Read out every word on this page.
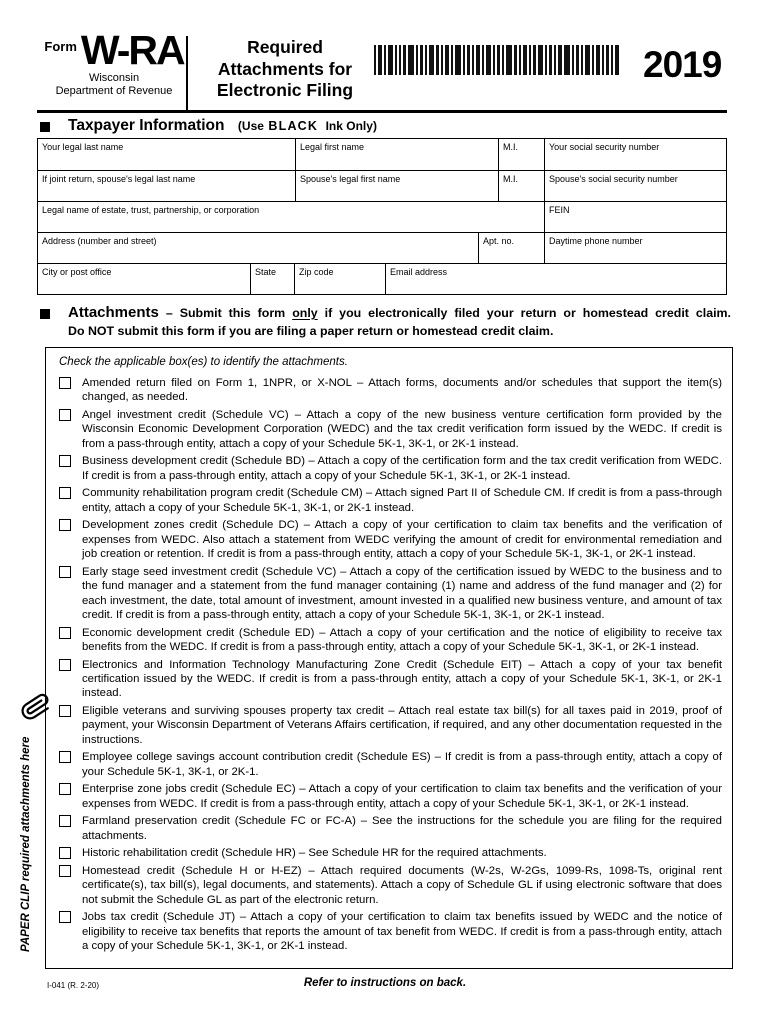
Form W-RA
Wisconsin
Department of Revenue
Required
Attachments for
Electronic Filing
2019
Taxpayer Information (Use BLACK Ink Only)
Your legal last name	Legal first name	M.I.	Your social security number
If joint return, spouse's legal last name	Spouse's legal first name	M.I.	Spouse's social security number
Legal name of estate, trust, partnership, or corporation	FEIN
Address (number and street)	Apt. no.	Daytime phone number
City or post office	State	Zip code	Email address
Attachments – Submit this form only if you electronically filed your return or homestead credit claim.
Do NOT submit this form if you are filing a paper return or homestead credit claim.
Check the applicable box(es) to identify the attachments.
Amended return filed on Form 1, 1NPR, or X-NOL – Attach forms, documents and/or schedules that support the item(s) changed, as needed.
Angel investment credit (Schedule VC) – Attach a copy of the new business venture certification form provided by the Wisconsin Economic Development Corporation (WEDC) and the tax credit verification form issued by the WEDC. If credit is from a pass-through entity, attach a copy of your Schedule 5K-1, 3K-1, or 2K-1 instead.
Business development credit (Schedule BD) – Attach a copy of the certification form and the tax credit verification from WEDC. If credit is from a pass-through entity, attach a copy of your Schedule 5K-1, 3K-1, or 2K-1 instead.
Community rehabilitation program credit (Schedule CM) – Attach signed Part II of Schedule CM. If credit is from a pass-through entity, attach a copy of your Schedule 5K-1, 3K-1, or 2K-1 instead.
Development zones credit (Schedule DC) – Attach a copy of your certification to claim tax benefits and the verification of expenses from WEDC. Also attach a statement from WEDC verifying the amount of credit for environmental remediation and job creation or retention. If credit is from a pass-through entity, attach a copy of your Schedule 5K-1, 3K-1, or 2K-1 instead.
Early stage seed investment credit (Schedule VC) – Attach a copy of the certification issued by WEDC to the business and to the fund manager and a statement from the fund manager containing (1) name and address of the fund manager and (2) for each investment, the date, total amount of investment, amount invested in a qualified new business venture, and amount of tax credit. If credit is from a pass-through entity, attach a copy of your Schedule 5K-1, 3K-1, or 2K-1 instead.
Economic development credit (Schedule ED) – Attach a copy of your certification and the notice of eligibility to receive tax benefits from the WEDC. If credit is from a pass-through entity, attach a copy of your Schedule 5K-1, 3K-1, or 2K-1 instead.
Electronics and Information Technology Manufacturing Zone Credit (Schedule EIT) – Attach a copy of your tax benefit certification issued by the WEDC. If credit is from a pass-through entity, attach a copy of your Schedule 5K-1, 3K-1, or 2K-1 instead.
Eligible veterans and surviving spouses property tax credit – Attach real estate tax bill(s) for all taxes paid in 2019, proof of payment, your Wisconsin Department of Veterans Affairs certification, if required, and any other documentation requested in the instructions.
Employee college savings account contribution credit (Schedule ES) – If credit is from a pass-through entity, attach a copy of your Schedule 5K-1, 3K-1, or 2K-1.
Enterprise zone jobs credit (Schedule EC) – Attach a copy of your certification to claim tax benefits and the verification of your expenses from WEDC. If credit is from a pass-through entity, attach a copy of your Schedule 5K-1, 3K-1, or 2K-1 instead.
Farmland preservation credit (Schedule FC or FC-A) – See the instructions for the schedule you are filing for the required attachments.
Historic rehabilitation credit (Schedule HR) – See Schedule HR for the required attachments.
Homestead credit (Schedule H or H-EZ) – Attach required documents (W-2s, W-2Gs, 1099-Rs, 1098-Ts, original rent certificate(s), tax bill(s), legal documents, and statements). Attach a copy of Schedule GL if using electronic software that does not submit the Schedule GL as part of the electronic return.
Jobs tax credit (Schedule JT) – Attach a copy of your certification to claim tax benefits issued by WEDC and the notice of eligibility to receive tax benefits that reports the amount of tax benefit from WEDC. If credit is from a pass-through entity, attach a copy of your Schedule 5K-1, 3K-1, or 2K-1 instead.
PAPER CLIP required attachments here
I-041 (R. 2-20)	Refer to instructions on back.
